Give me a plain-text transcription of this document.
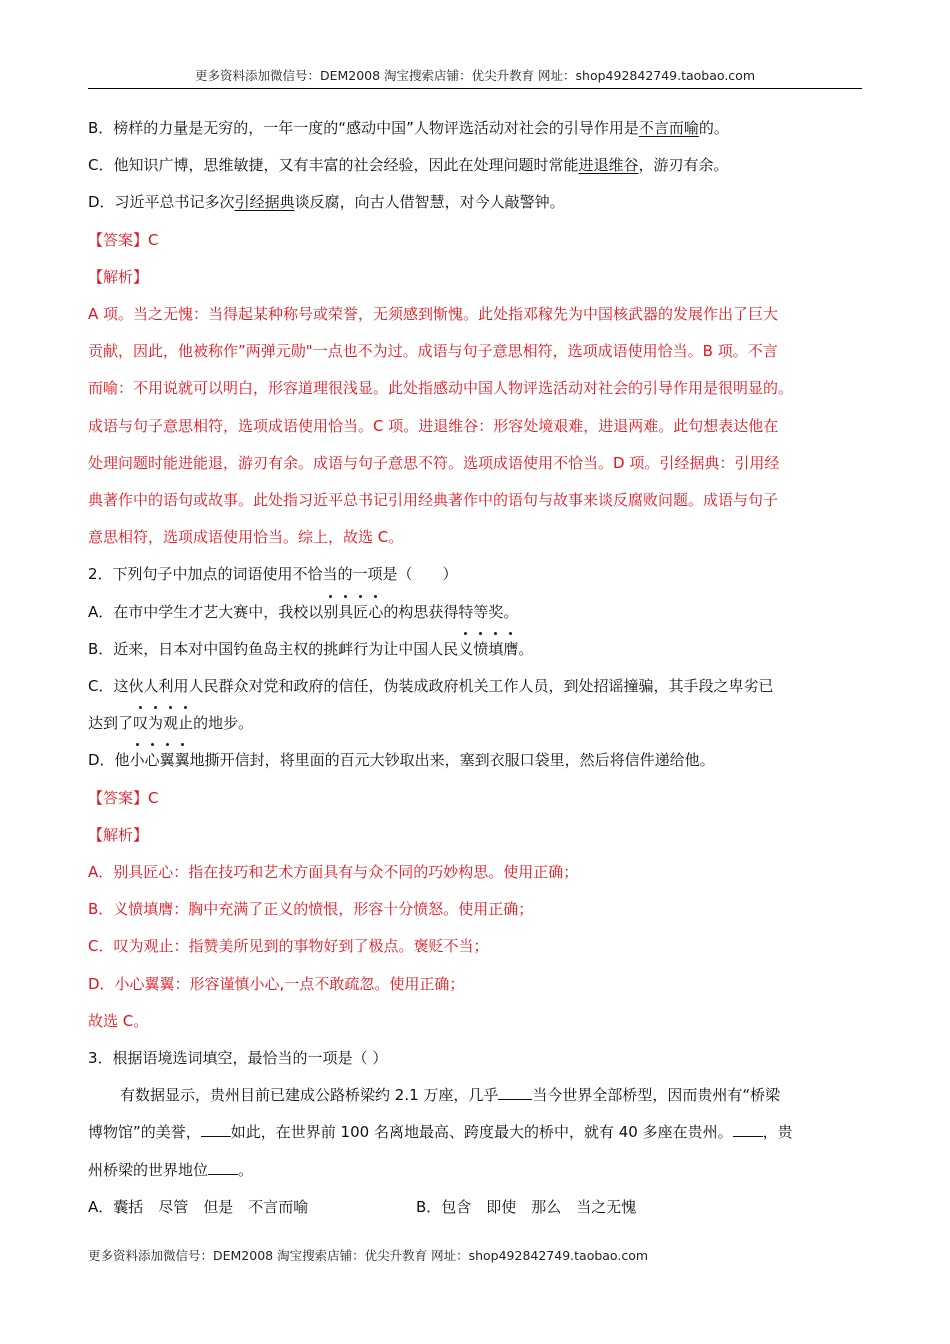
更多资料添加微信号：DEM2008 淘宝搜索店铺：优尖升教育 网址：shop492842749.taobao.com
B．榜样的力量是无穷的，一年一度的“感动中国”人物评选活动对社会的引导作用是不言而喻的。
C．他知识广博，思维敏捷，又有丰富的社会经验，因此在处理问题时常能进退维谷，游刃有余。
D．习近平总书记多次引经据典谈反腐，向古人借智慧，对今人敲警钟。
【答案】C
【解析】
A 项。当之无愧：当得起某种称号或荣誉，无须感到惭愧。此处指邓稼先为中国核武器的发展作出了巨大
贡献，因此，他被称作”两弹元勋"一点也不为过。成语与句子意思相符，选项成语使用恰当。B 项。不言
而喻：不用说就可以明白，形容道理很浅显。此处指感动中国人物评选活动对社会的引导作用是很明显的。
成语与句子意思相符，选项成语使用恰当。C 项。进退维谷：形容处境艰难，进退两难。此句想表达他在
处理问题时能进能退，游刃有余。成语与句子意思不符。选项成语使用不恰当。D 项。引经据典：引用经
典著作中的语句或故事。此处指习近平总书记引用经典著作中的语句与故事来谈反腐败问题。成语与句子
意思相符，选项成语使用恰当。综上，故选 C。
2．下列句子中加点的词语使用不恰当的一项是（　　）
A．在市中学生才艺大赛中，我校以别具匠心的构思获得特等奖。
B．近来，日本对中国钓鱼岛主权的挑衅行为让中国人民义愤填膺。
C．这伙人利用人民群众对党和政府的信任，伪装成政府机关工作人员，到处招谣撞骗，其手段之卑劣已
达到了叹为观止的地步。
D．他小心翼翼地撕开信封，将里面的百元大钞取出来，塞到衣服口袋里，然后将信件递给他。
【答案】C
【解析】
A．别具匠心：指在技巧和艺术方面具有与众不同的巧妙构思。使用正确；
B．义愤填膺：胸中充满了正义的愤恨，形容十分愤怒。使用正确；
C．叹为观止：指赞美所见到的事物好到了极点。褒贬不当；
D．小心翼翼：形容谨慎小心,一点不敢疏忽。使用正确；
故选 C。
3．根据语境选词填空，最恰当的一项是（ ）
有数据显示，贵州目前已建成公路桥梁约 2.1 万座，几乎 当今世界全部桥型，因而贵州有“桥梁
博物馆”的美誉， 如此，在世界前 100 名离地最高、跨度最大的桥中，就有 40 多座在贵州。 ，贵
州桥梁的世界地位 。
A．囊括　尽管　但是　不言而喻	B．包含　即使　那么　当之无愧
更多资料添加微信号：DEM2008 淘宝搜索店铺：优尖升教育 网址：shop492842749.taobao.com
